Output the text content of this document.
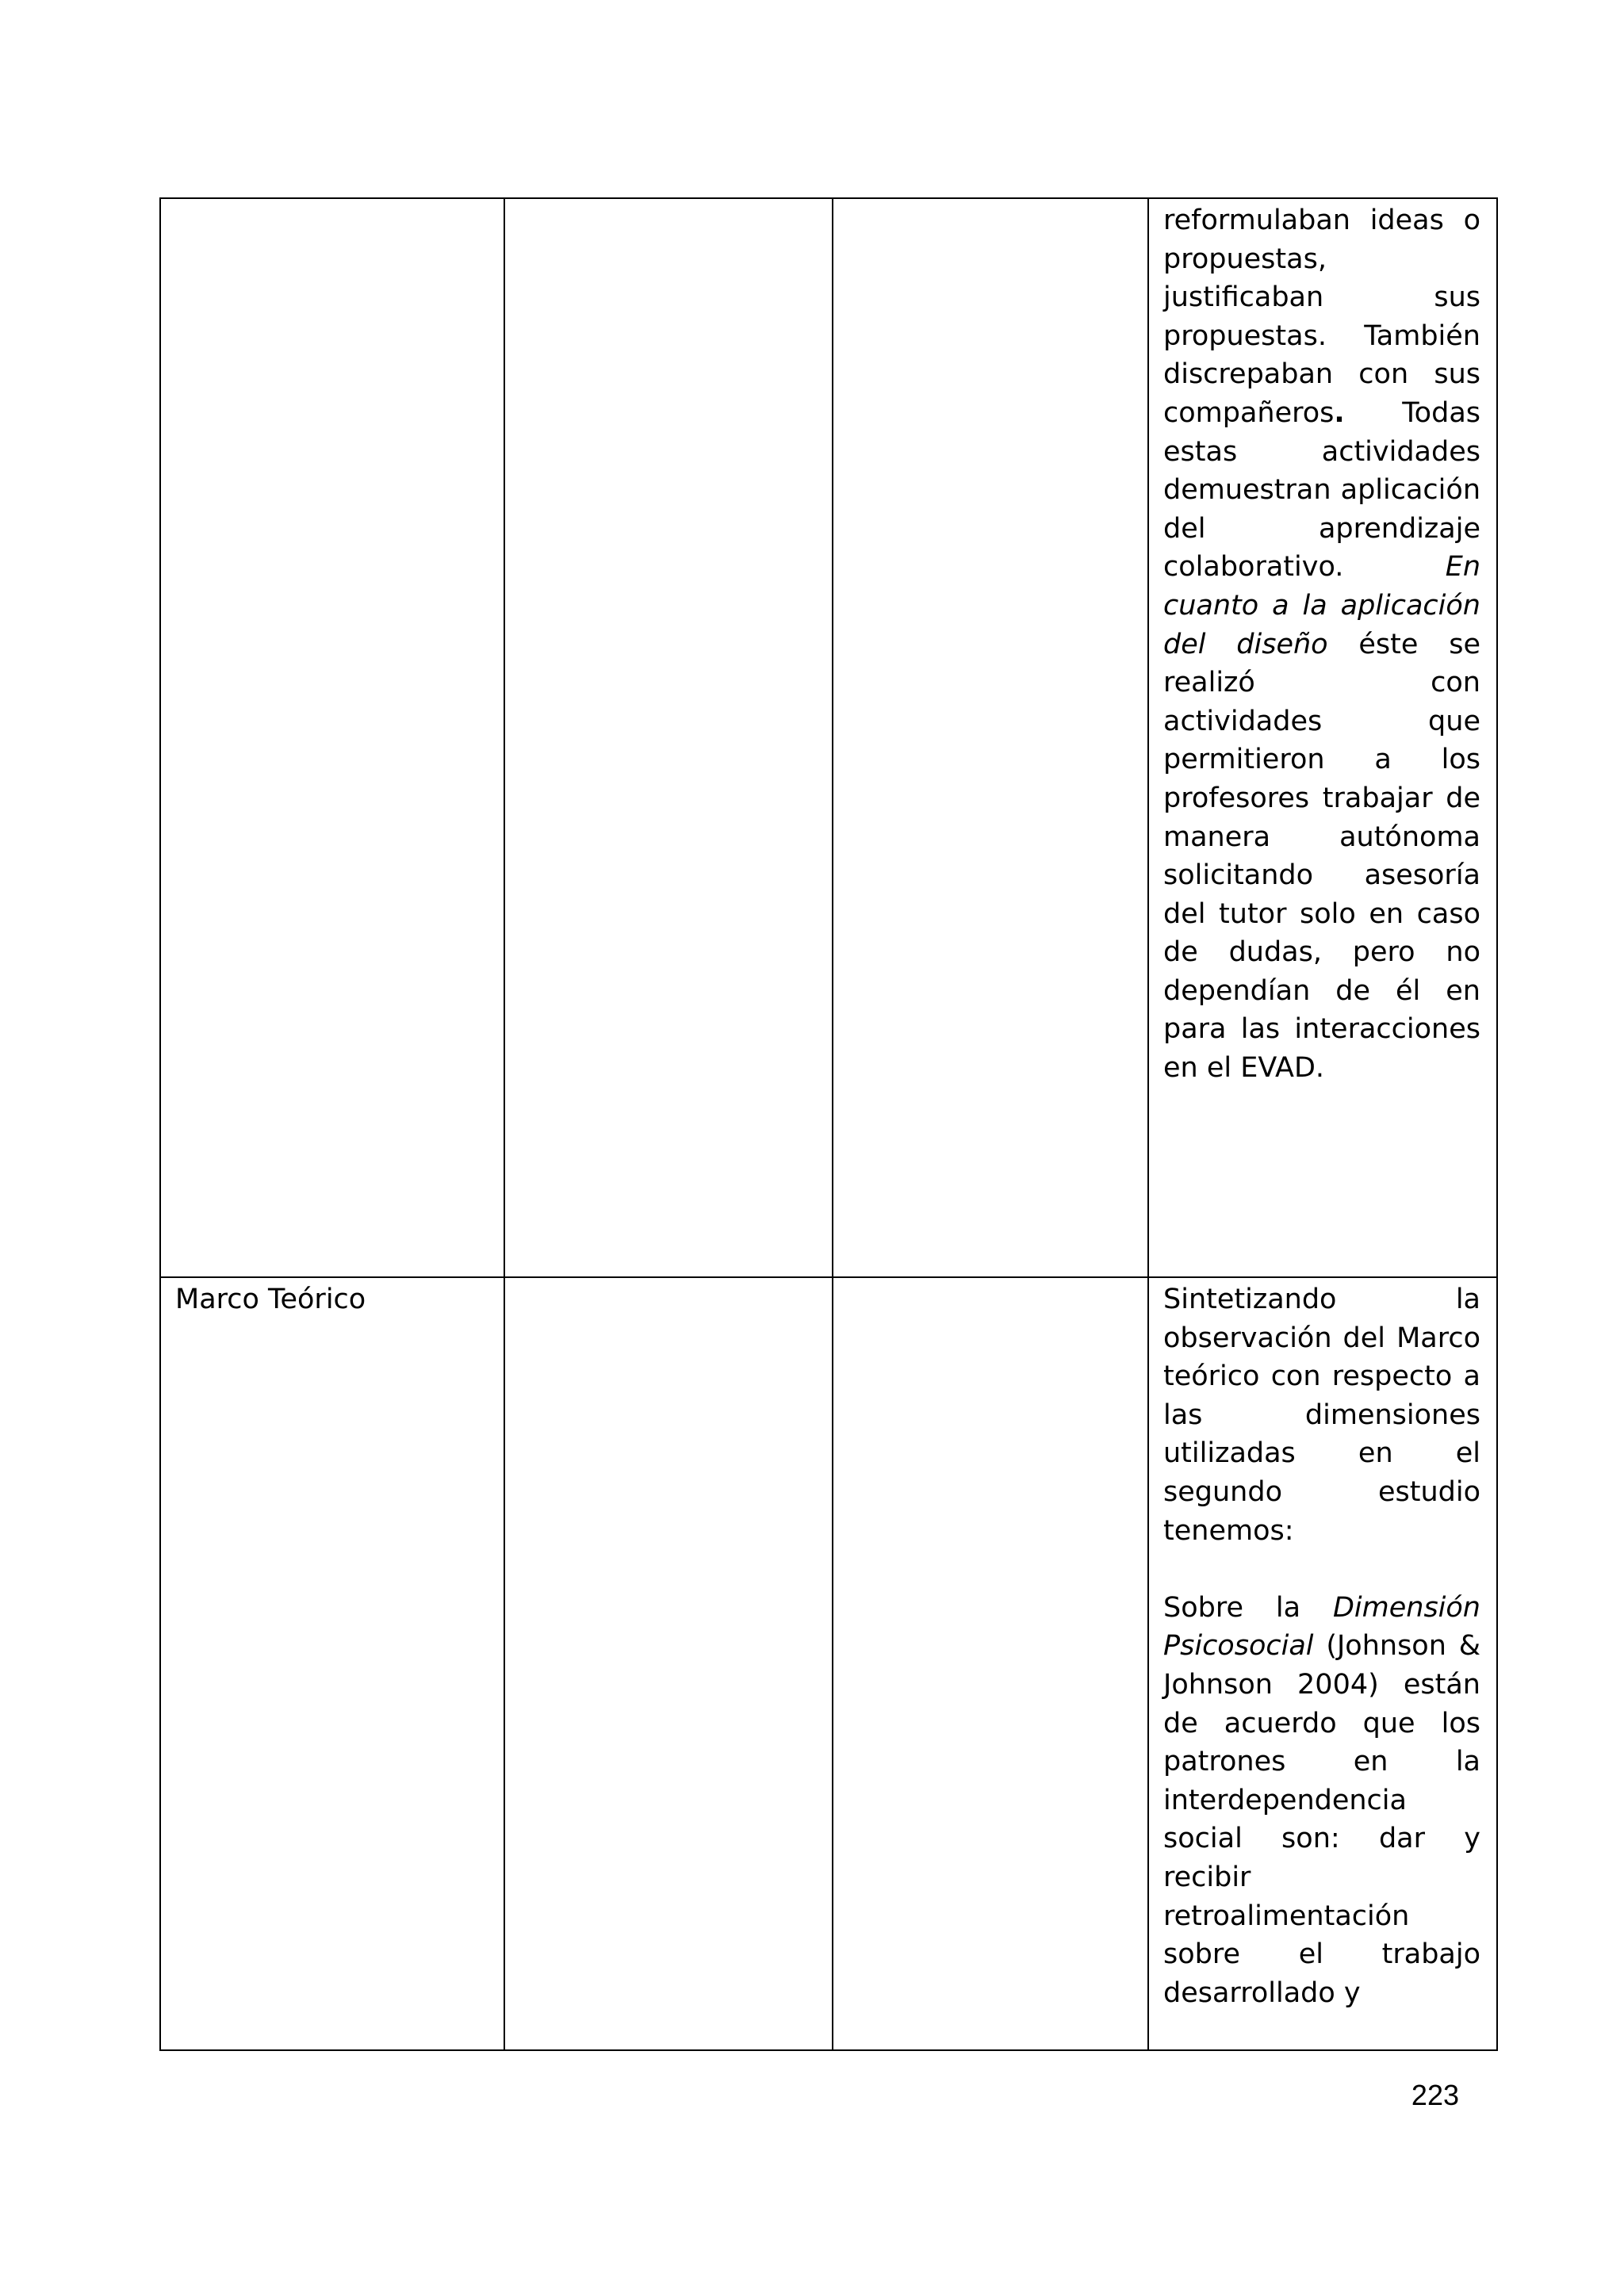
			reformulaban ideas o propuestas, justificaban sus propuestas. También discrepaban con sus compañeros. Todas estas actividades demuestran aplicación del aprendizaje colaborativo. En cuanto a la aplicación del diseño éste se realizó con actividades que permitieron a los profesores trabajar de manera autónoma solicitando asesoría del tutor solo en caso de dudas, pero no dependían de él en para las interacciones en el EVAD.

Marco Teórico			Sintetizando la observación del Marco teórico con respecto a las dimensiones utilizadas en el segundo estudio tenemos:

Sobre la Dimensión Psicosocial (Johnson & Johnson 2004) están de acuerdo que los patrones en la interdependencia social son: dar y recibir retroalimentación sobre el trabajo desarrollado y

223
